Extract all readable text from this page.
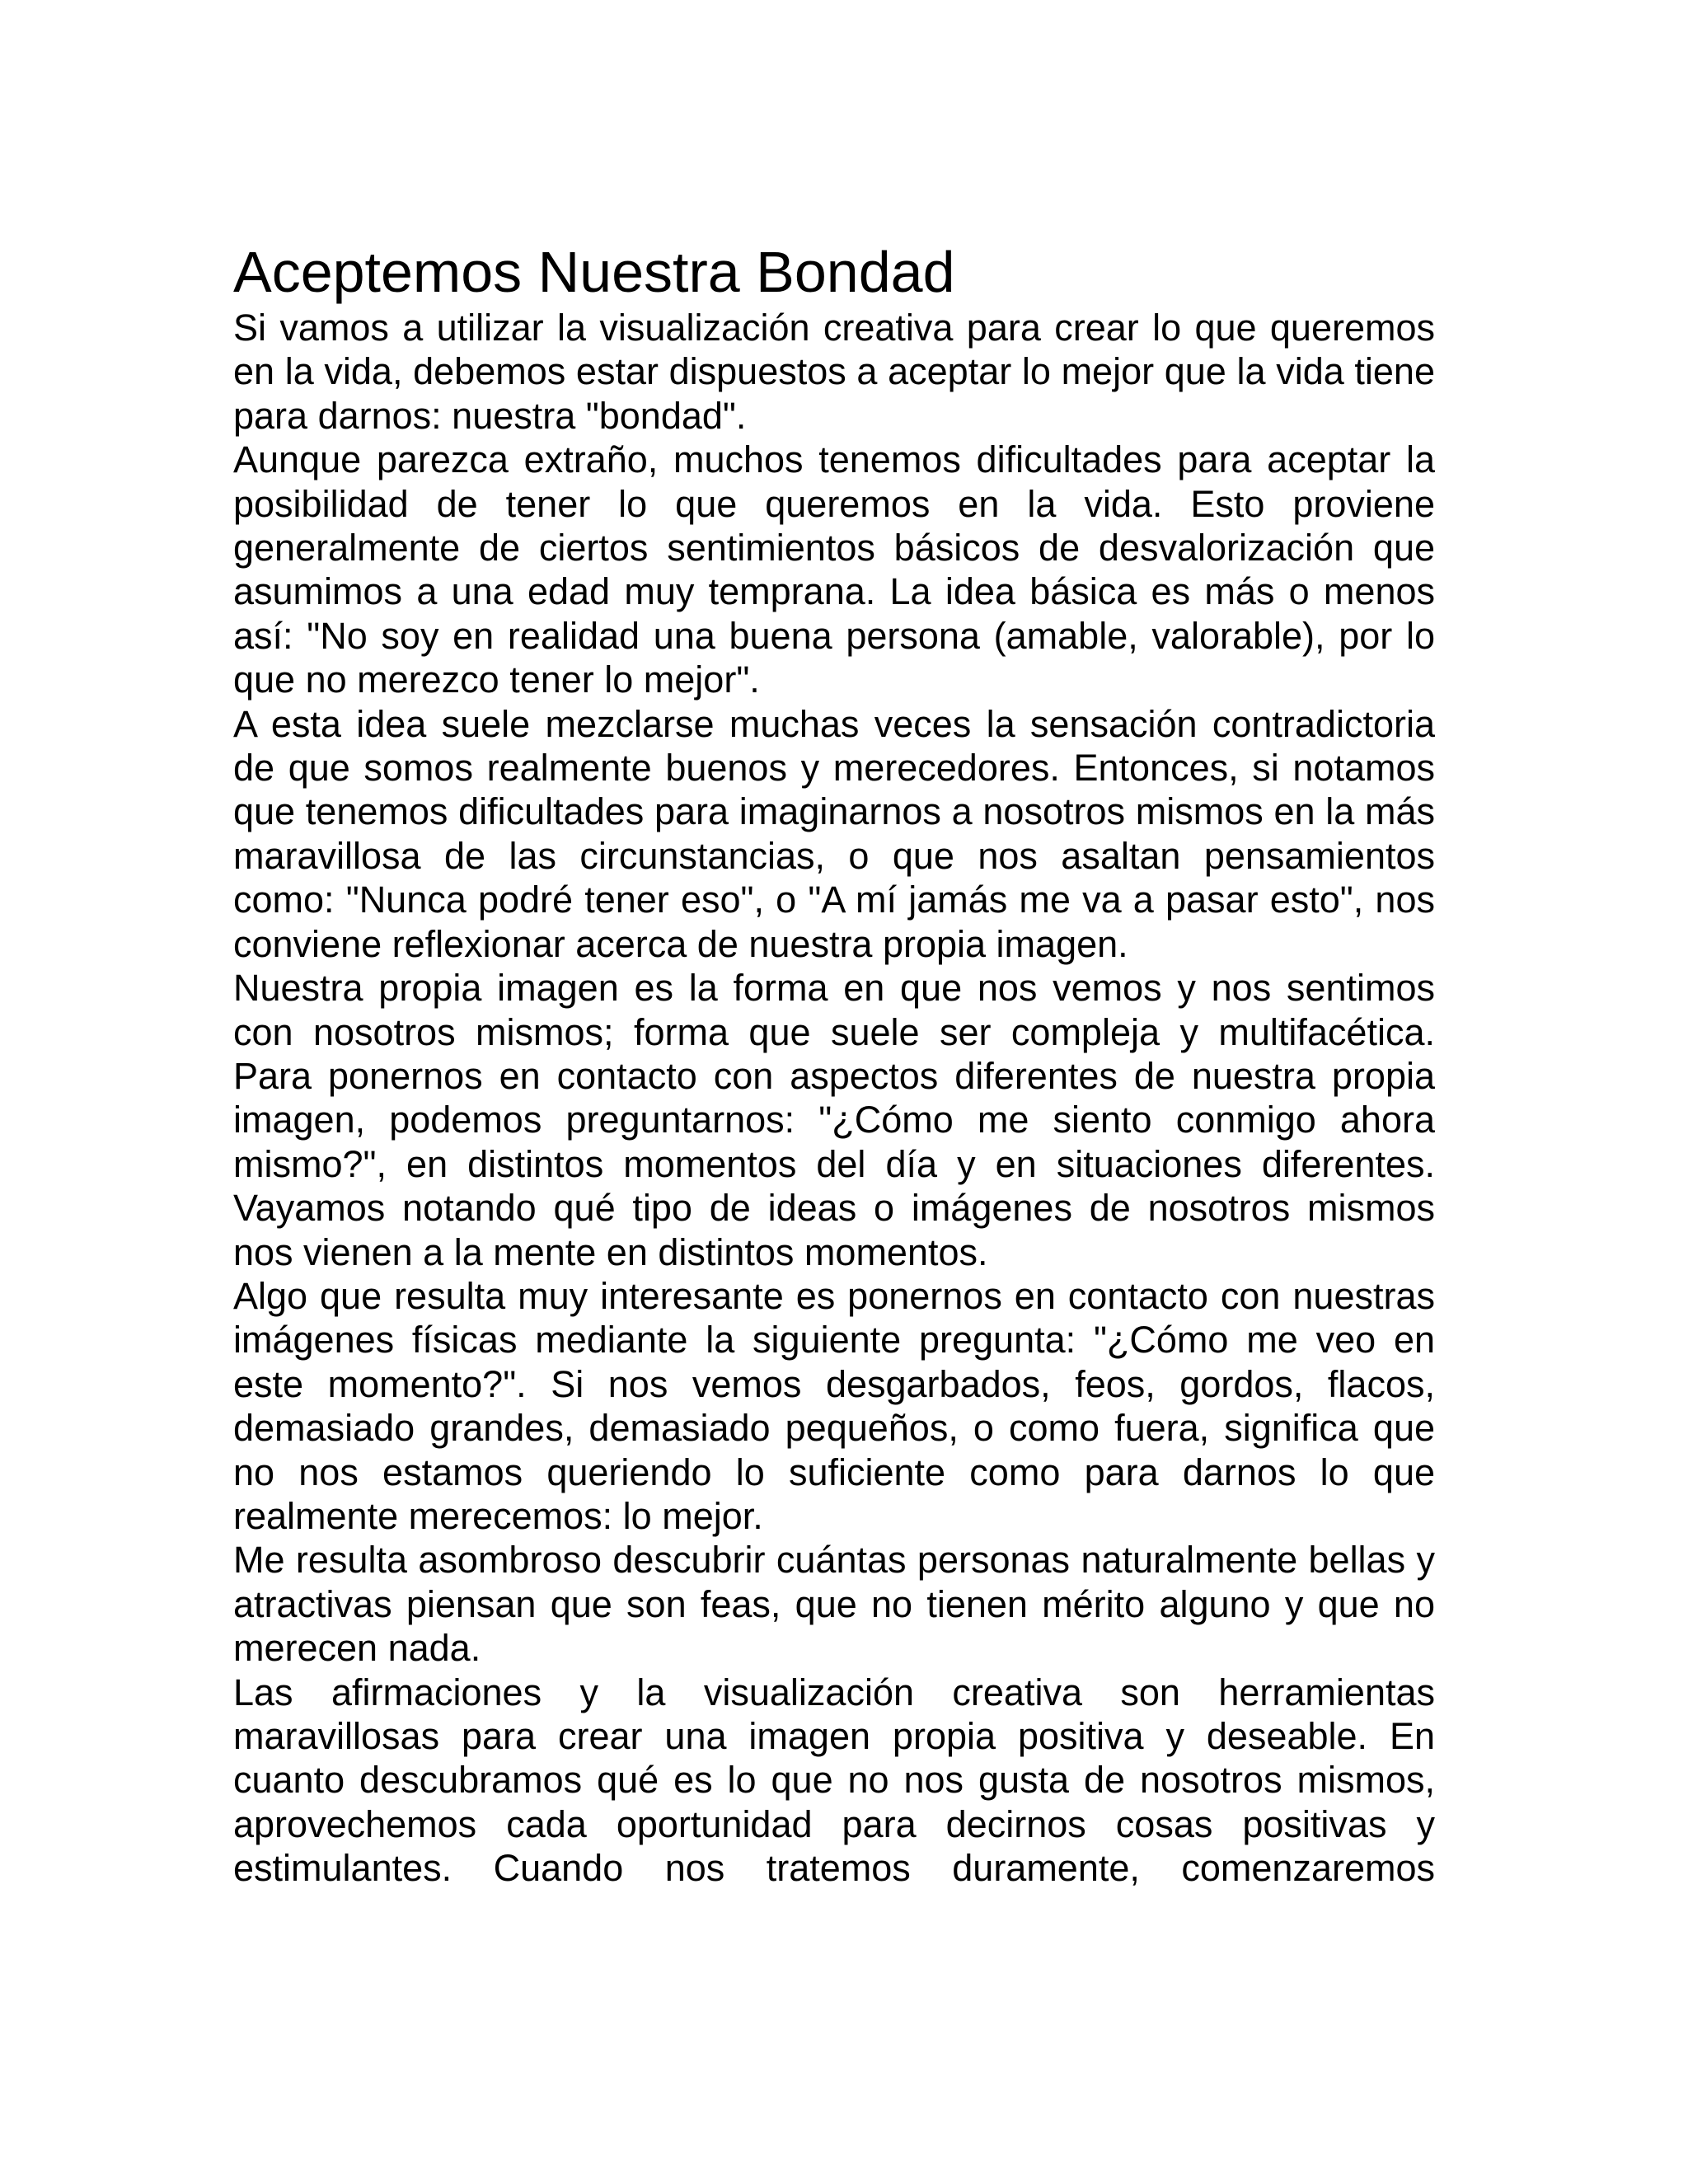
Aceptemos Nuestra Bondad

Si vamos a utilizar la visualización creativa para crear lo que queremos en la vida, debemos estar dispuestos a aceptar lo mejor que la vida tiene para darnos: nuestra "bondad".

Aunque parezca extraño, muchos tenemos dificultades para aceptar la posibilidad de tener lo que queremos en la vida. Esto proviene generalmente de ciertos sentimientos básicos de desvalorización que asumimos a una edad muy temprana. La idea básica es más o menos así: "No soy en realidad una buena persona (amable, valorable), por lo que no merezco tener lo mejor".

A esta idea suele mezclarse muchas veces la sensación contradictoria de que somos realmente buenos y merecedores. Entonces, si notamos que tenemos dificultades para imaginarnos a nosotros mismos en la más maravillosa de las circunstancias, o que nos asaltan pensamientos como: "Nunca podré tener eso", o "A mí jamás me va a pasar esto", nos conviene reflexionar acerca de nuestra propia imagen.

Nuestra propia imagen es la forma en que nos vemos y nos sentimos con nosotros mismos; forma que suele ser compleja y multifacética. Para ponernos en contacto con aspectos diferentes de nuestra propia imagen, podemos preguntarnos: "¿Cómo me siento conmigo ahora mismo?", en distintos momentos del día y en situaciones diferentes. Vayamos notando qué tipo de ideas o imágenes de nosotros mismos nos vienen a la mente en distintos momentos.

Algo que resulta muy interesante es ponernos en contacto con nuestras imágenes físicas mediante la siguiente pregunta: "¿Cómo me veo en este momento?". Si nos vemos desgarbados, feos, gordos, flacos, demasiado grandes, demasiado pequeños, o como fuera, significa que no nos estamos queriendo lo suficiente como para darnos lo que realmente merecemos: lo mejor.

Me resulta asombroso descubrir cuántas personas naturalmente bellas y atractivas piensan que son feas, que no tienen mérito alguno y que no merecen nada.

Las afirmaciones y la visualización creativa son herramientas maravillosas para crear una imagen propia positiva y deseable. En cuanto descubramos qué es lo que no nos gusta de nosotros mismos, aprovechemos cada oportunidad para decirnos cosas positivas y estimulantes. Cuando nos tratemos duramente, comenzaremos
